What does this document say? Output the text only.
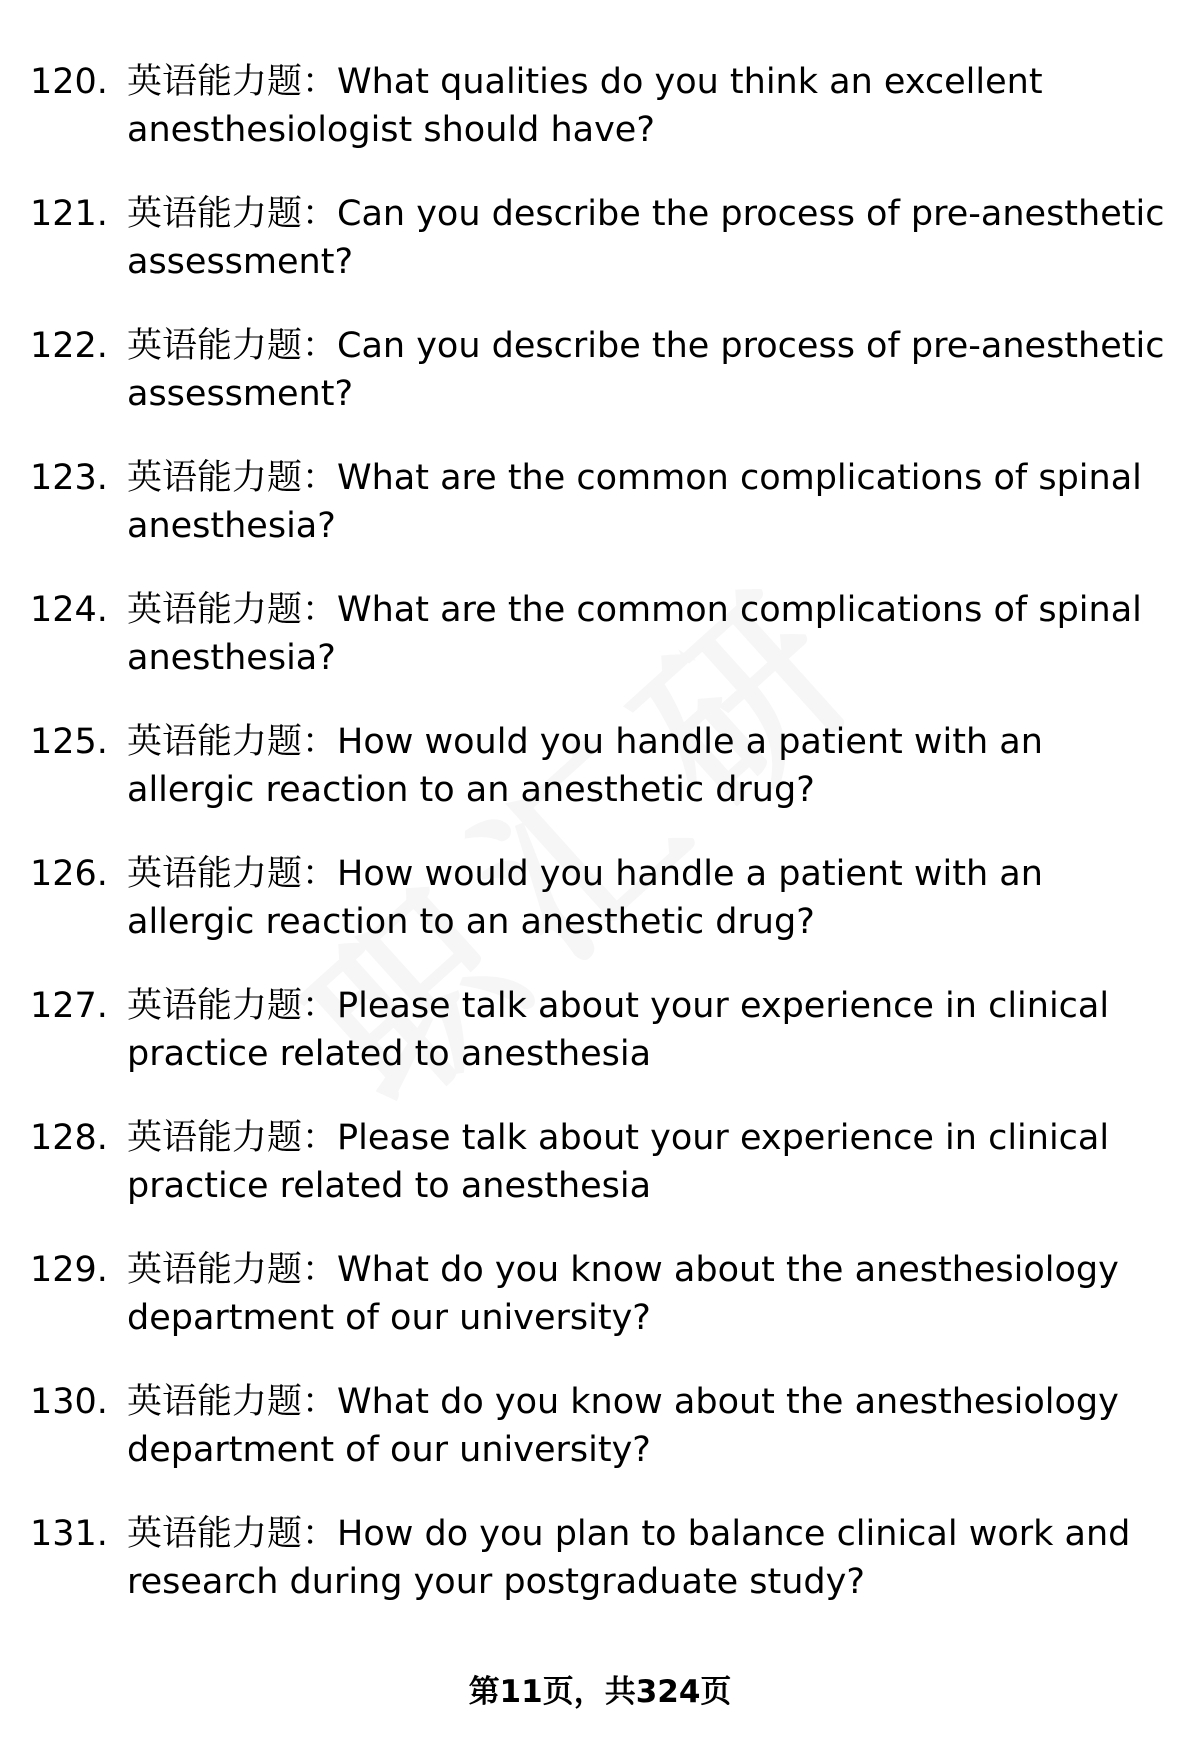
120. 英语能力题：What qualities do you think an excellent anesthesiologist should have?
121. 英语能力题：Can you describe the process of pre-anesthetic assessment?
122. 英语能力题：Can you describe the process of pre-anesthetic assessment?
123. 英语能力题：What are the common complications of spinal anesthesia?
124. 英语能力题：What are the common complications of spinal anesthesia?
125. 英语能力题：How would you handle a patient with an allergic reaction to an anesthetic drug?
126. 英语能力题：How would you handle a patient with an allergic reaction to an anesthetic drug?
127. 英语能力题：Please talk about your experience in clinical practice related to anesthesia
128. 英语能力题：Please talk about your experience in clinical practice related to anesthesia
129. 英语能力题：What do you know about the anesthesiology department of our university?
130. 英语能力题：What do you know about the anesthesiology department of our university?
131. 英语能力题：How do you plan to balance clinical work and research during your postgraduate study?
第11页，共324页
